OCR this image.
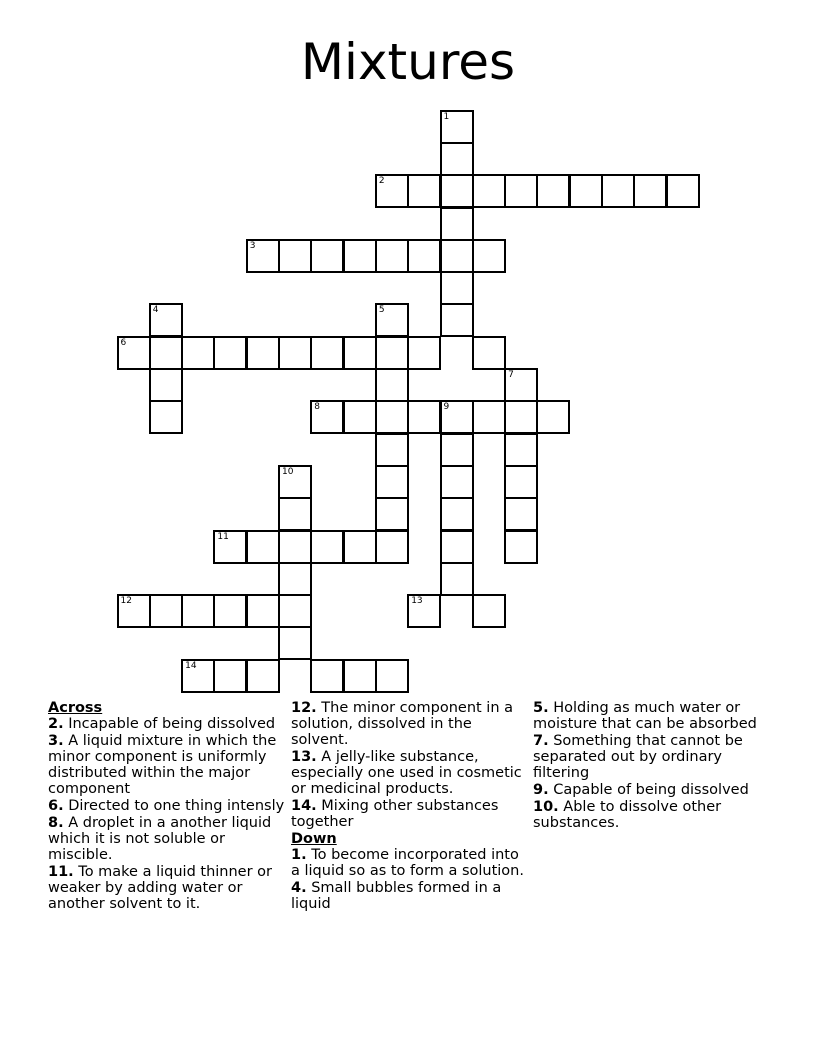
Mixtures
1
2
3
4	5
6
7
8	9
10
11
12	13
14
Across
2. Incapable of being dissolved
3. A liquid mixture in which the minor component is uniformly distributed within the major component
6. Directed to one thing intensly
8. A droplet in a another liquid which it is not soluble or miscible.
11. To make a liquid thinner or weaker by adding water or another solvent to it.
12. The minor component in a solution, dissolved in the solvent.
13. A jelly-like substance, especially one used in cosmetic or medicinal products.
14. Mixing other substances together
Down
1. To become incorporated into a liquid so as to form a solution.
4. Small bubbles formed in a liquid
5. Holding as much water or moisture that can be absorbed
7. Something that cannot be separated out by ordinary filtering
9. Capable of being dissolved
10. Able to dissolve other substances.
